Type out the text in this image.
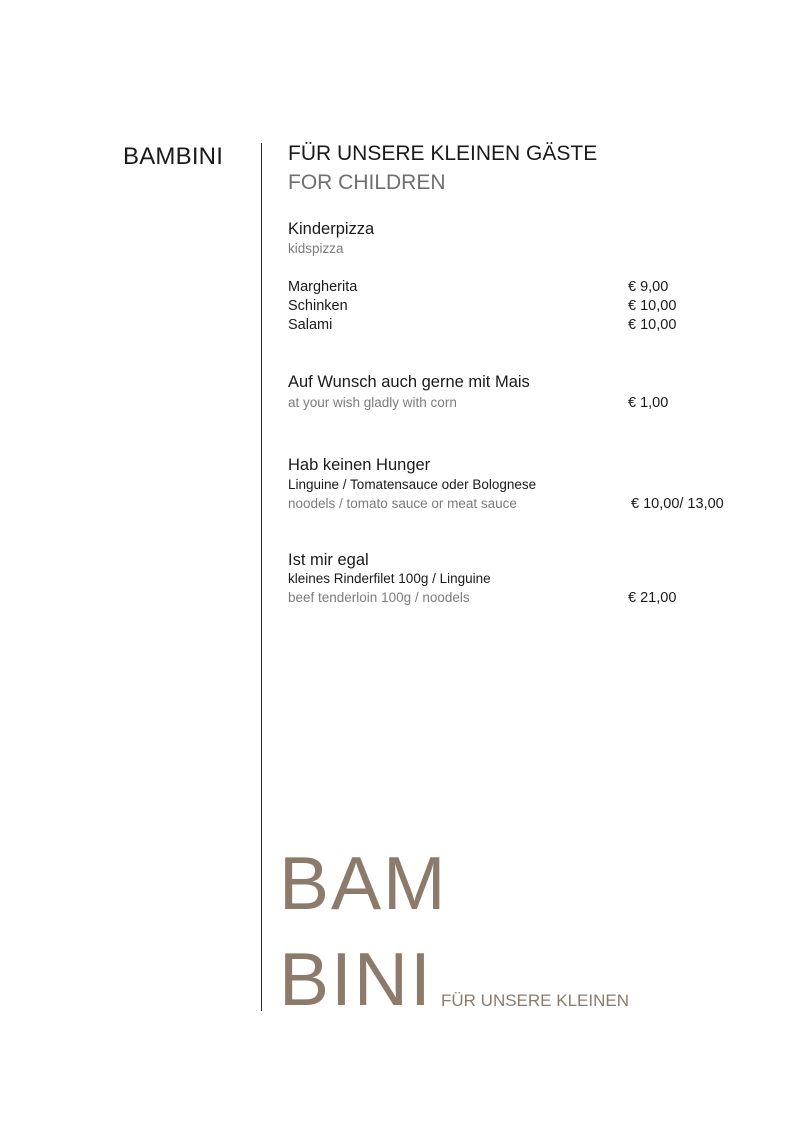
BAMBINI	FÜR UNSERE KLEINEN GÄSTE
FOR CHILDREN
Kinderpizza
kidspizza
Margherita	€ 9,00
Schinken	€ 10,00
Salami	€ 10,00
Auf Wunsch auch gerne mit Mais
at your wish gladly with corn	€ 1,00
Hab keinen Hunger
Linguine / Tomatensauce oder Bolognese
noodels / tomato sauce or meat sauce	€ 10,00/ 13,00
Ist mir egal
kleines Rinderfilet 100g / Linguine
beef tenderloin 100g / noodels	€ 21,00
BAM
BINI FÜR UNSERE KLEINEN
